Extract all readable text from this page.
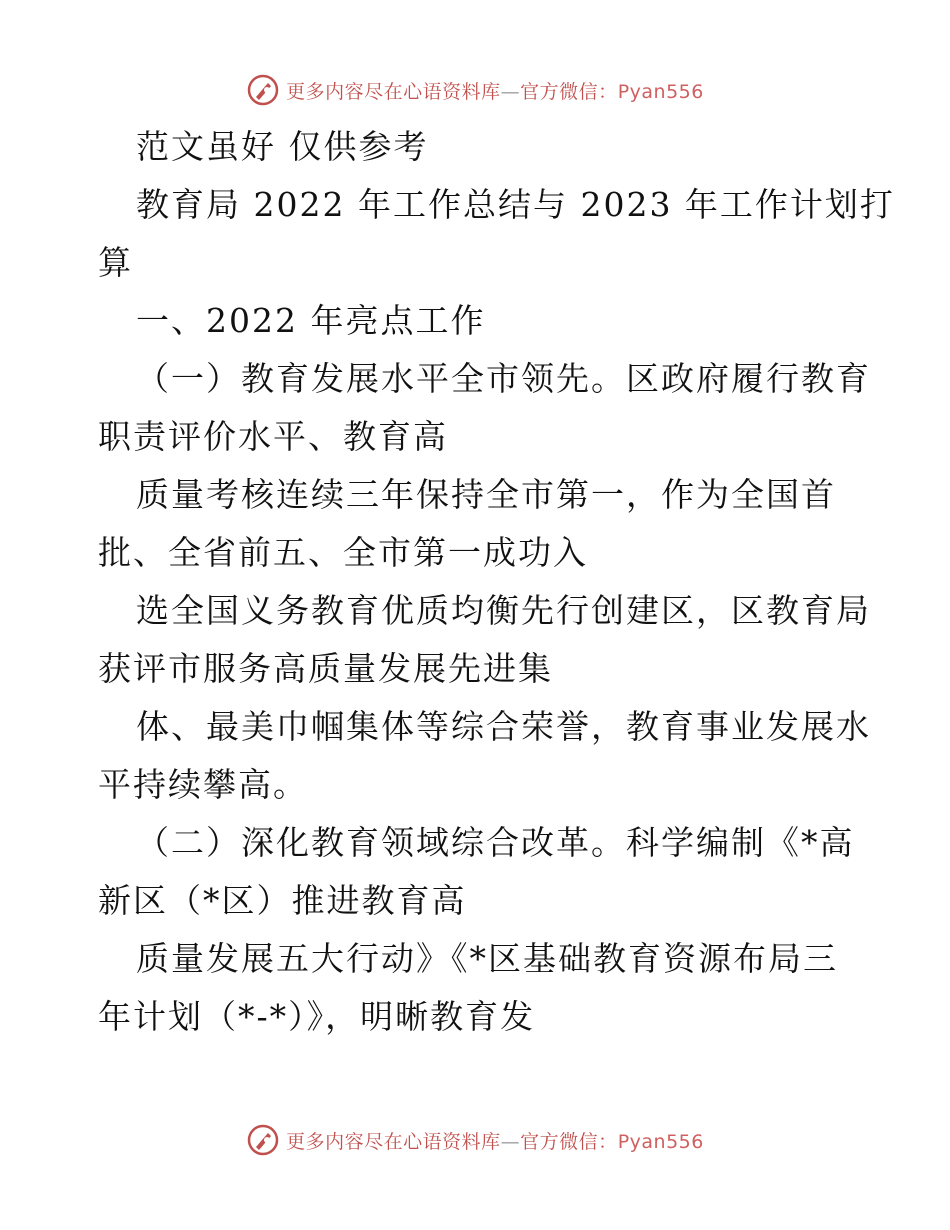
更多内容尽在心语资料库—官方微信：Pyan556

范文虽好 仅供参考

教育局 2022 年工作总结与 2023 年工作计划打

算

一、2022 年亮点工作

（一）教育发展水平全市领先。区政府履行教育

职责评价水平、教育高

质量考核连续三年保持全市第一，作为全国首

批、全省前五、全市第一成功入

选全国义务教育优质均衡先行创建区，区教育局

获评市服务高质量发展先进集

体、最美巾帼集体等综合荣誉，教育事业发展水

平持续攀高。

（二）深化教育领域综合改革。科学编制《*高

新区（*区）推进教育高

质量发展五大行动》《*区基础教育资源布局三

年计划（*-*）》，明晰教育发

更多内容尽在心语资料库—官方微信：Pyan556
